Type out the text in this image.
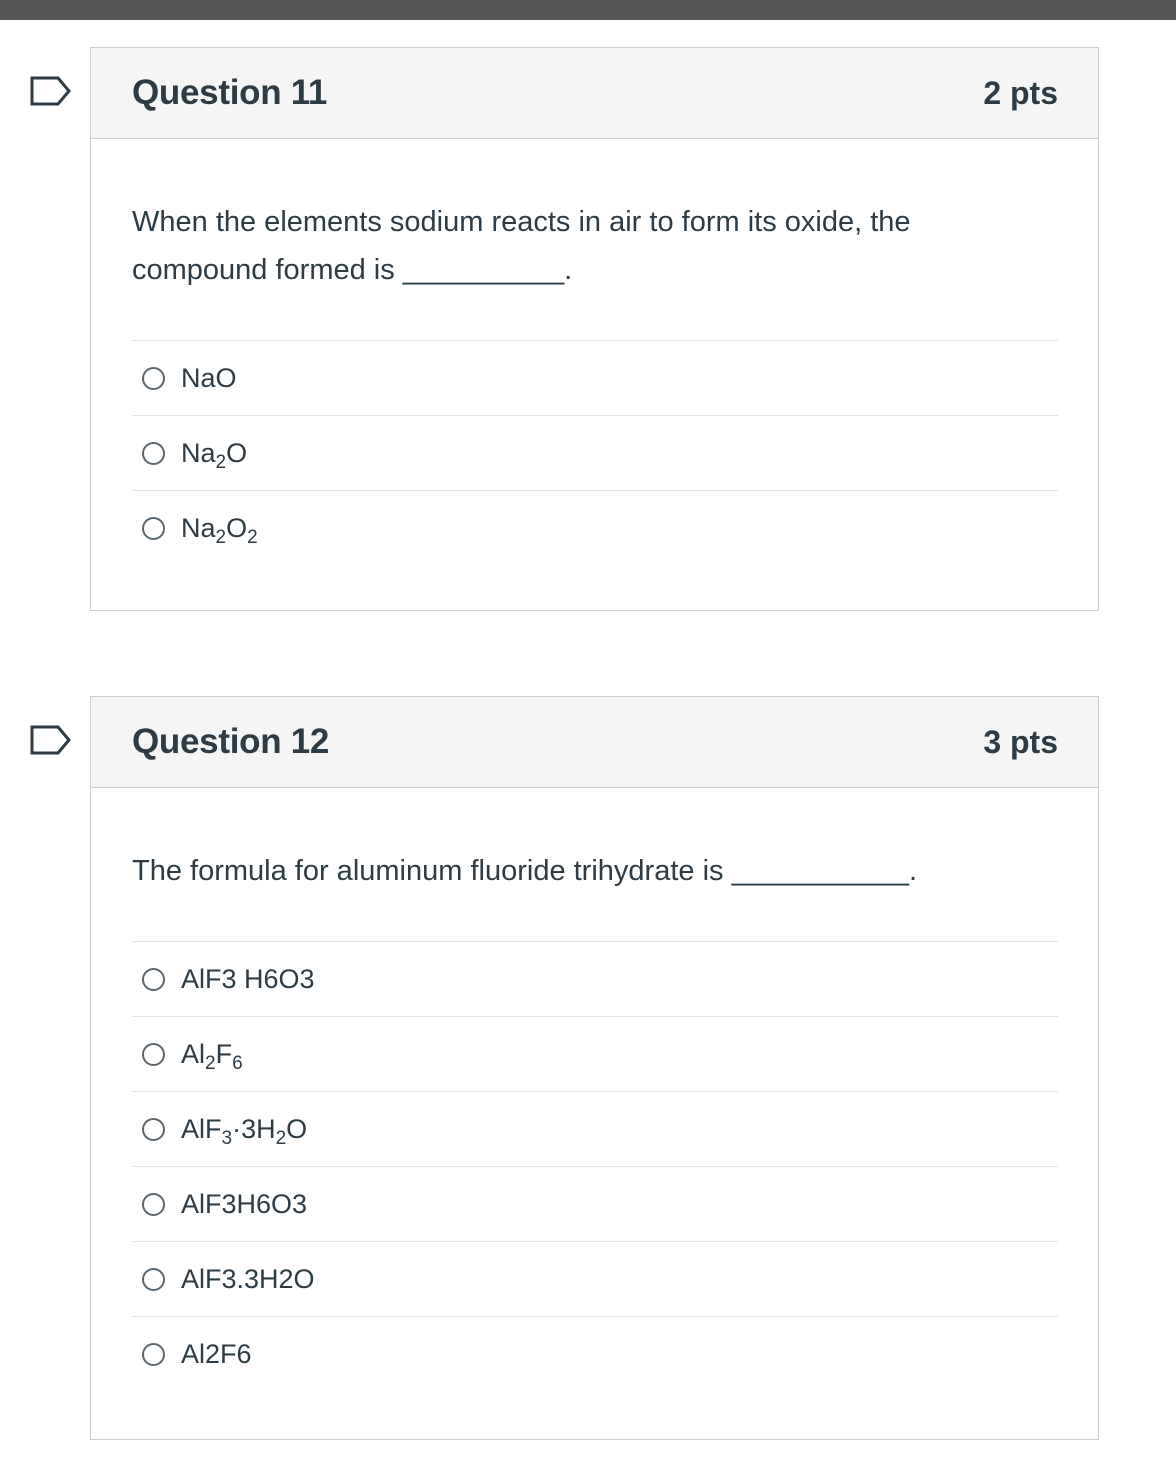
Question 11	2 pts

When the elements sodium reacts in air to form its oxide, the compound formed is __________.

NaO
$Na_2O$
$Na_2O_2$
Question 12	3 pts

The formula for aluminum fluoride trihydrate is ___________.

AlF3 H6O3
$Al_2F_6$
$AlF_3\cdot 3H_2O$
AlF3H6O3
AlF3.3H2O
Al2F6
